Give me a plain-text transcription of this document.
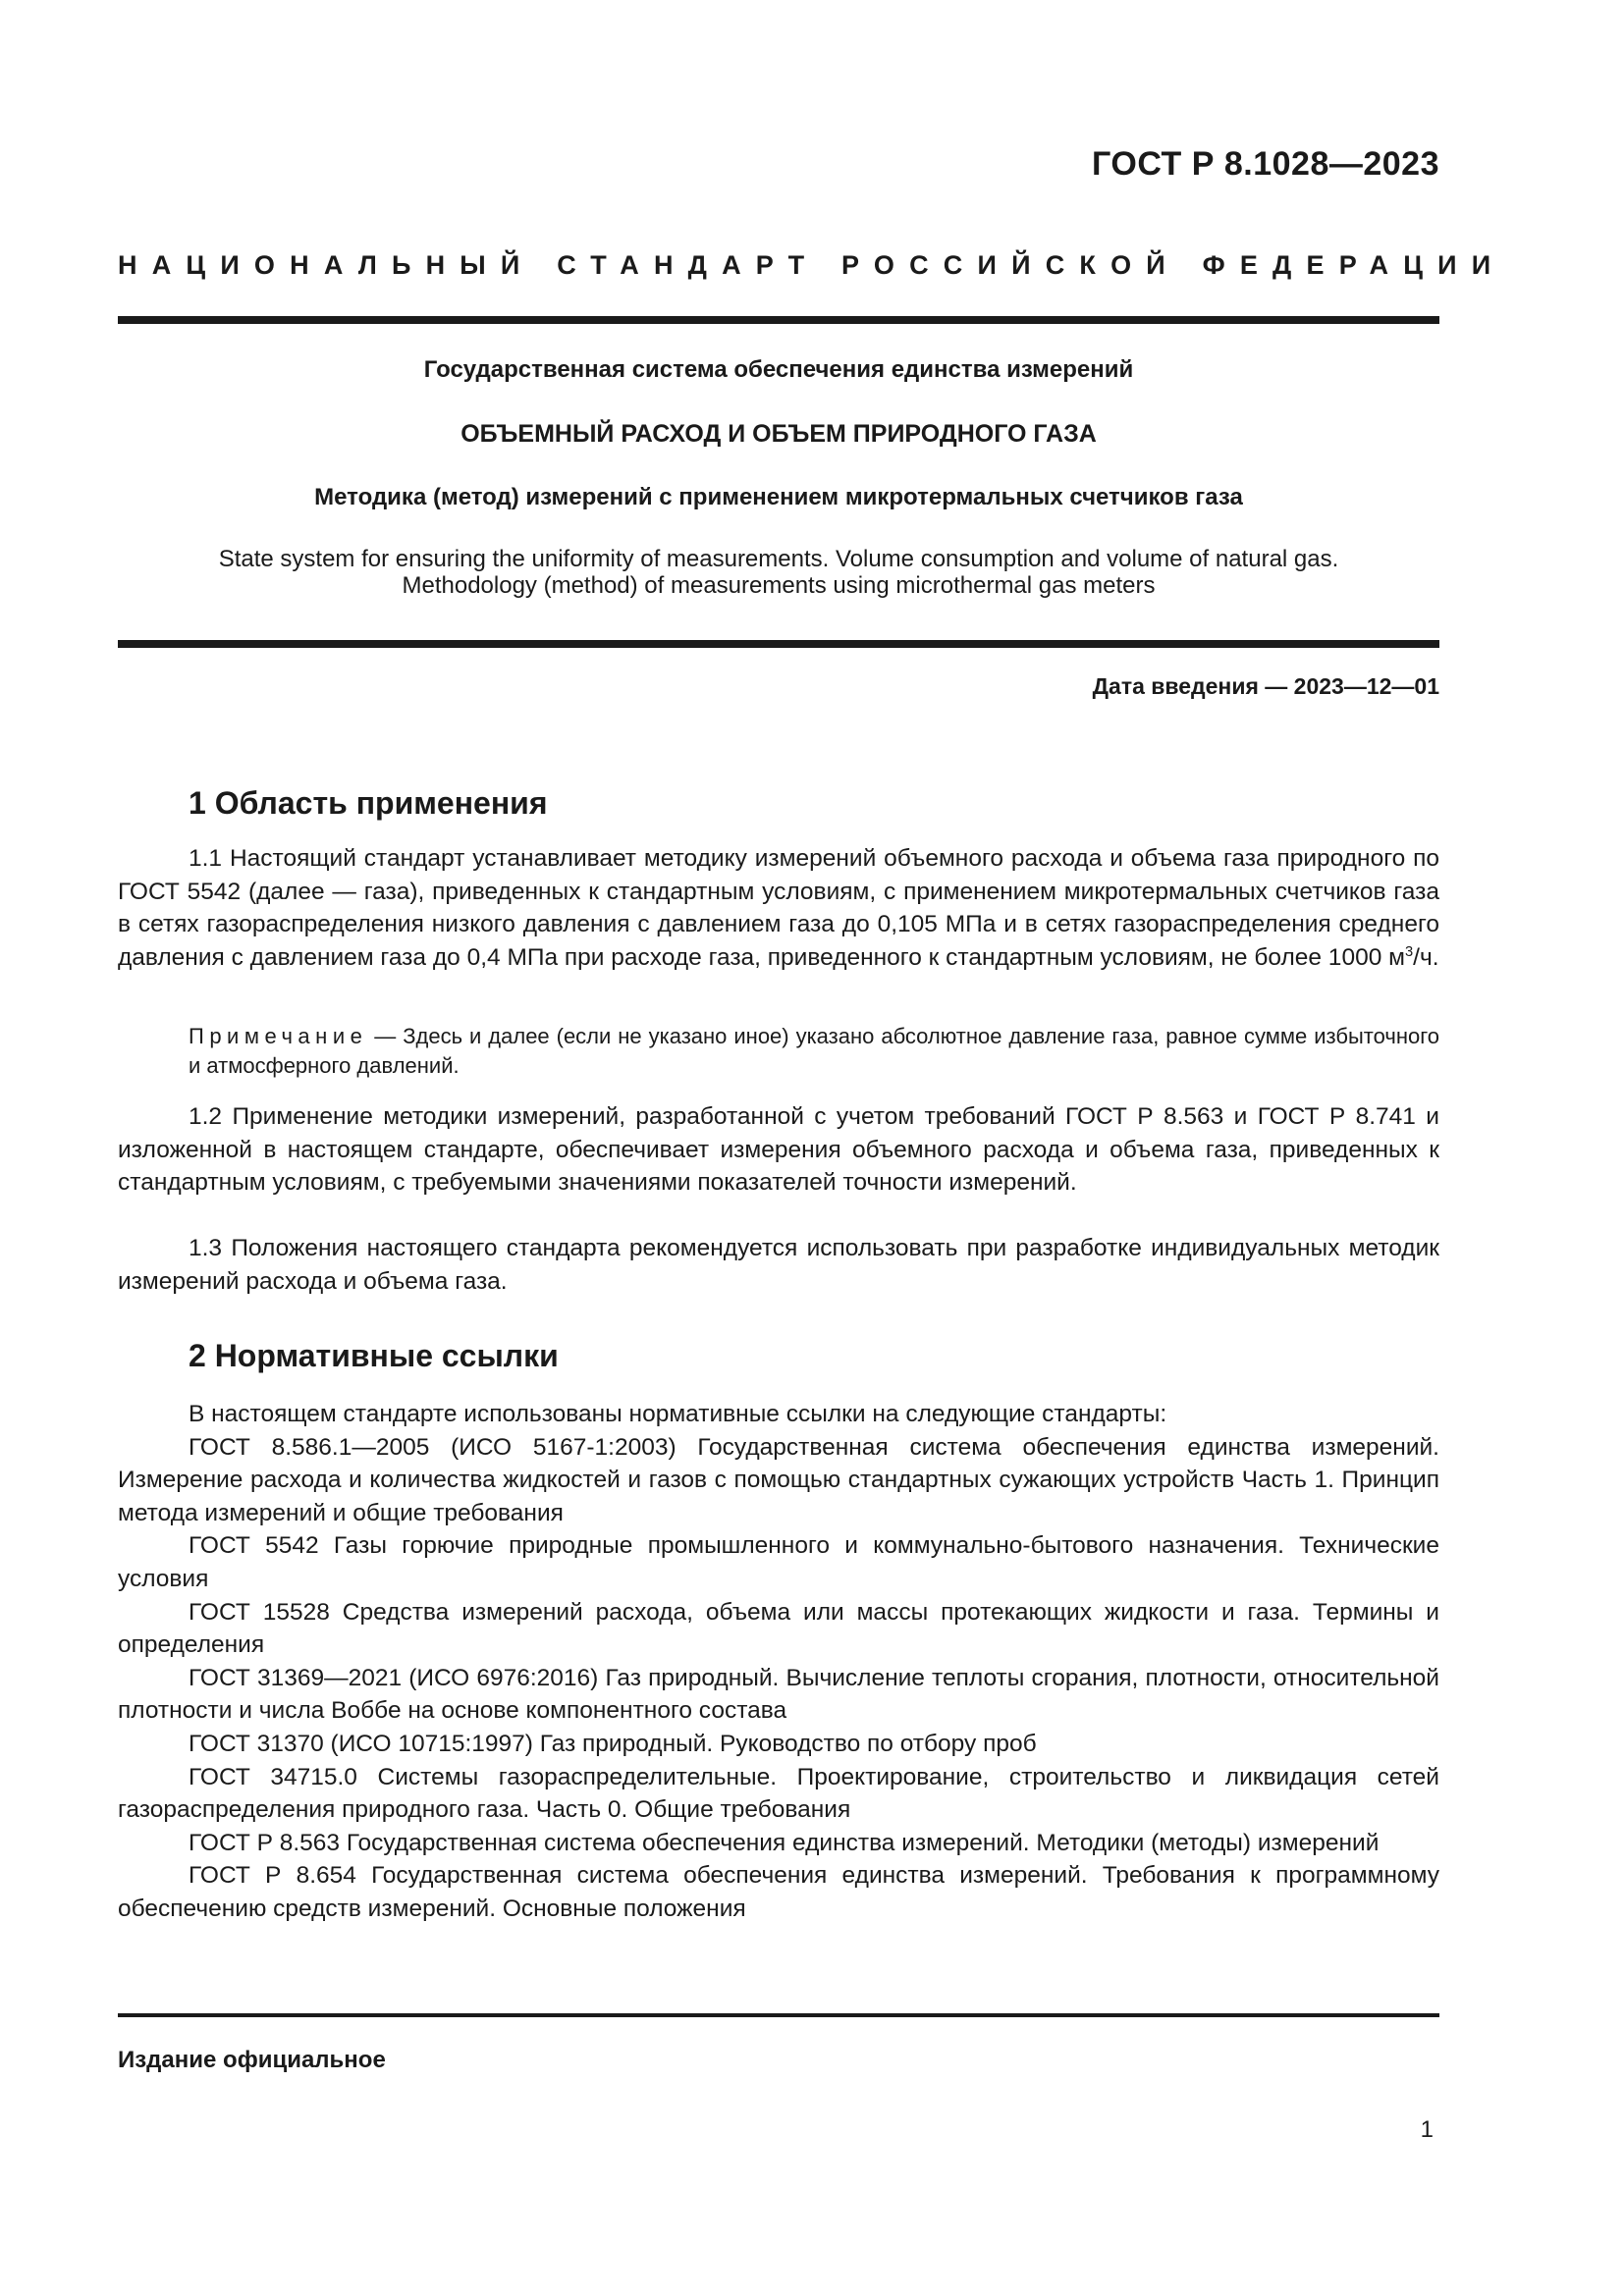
ГОСТ Р 8.1028—2023
НАЦИОНАЛЬНЫЙ СТАНДАРТ РОССИЙСКОЙ ФЕДЕРАЦИИ
Государственная система обеспечения единства измерений
ОБЪЕМНЫЙ РАСХОД И ОБЪЕМ ПРИРОДНОГО ГАЗА
Методика (метод) измерений с применением микротермальных счетчиков газа
State system for ensuring the uniformity of measurements. Volume consumption and volume of natural gas.
Methodology (method) of measurements using microthermal gas meters
Дата введения — 2023—12—01
1 Область применения
1.1 Настоящий стандарт устанавливает методику измерений объемного расхода и объема газа природного по ГОСТ 5542 (далее — газа), приведенных к стандартным условиям, с применением микротермальных счетчиков газа в сетях газораспределения низкого давления с давлением газа до 0,105 МПа и в сетях газораспределения среднего давления с давлением газа до 0,4 МПа при расходе газа, приведенного к стандартным условиям, не более 1000 $м^3/ч$.
Примечание — Здесь и далее (если не указано иное) указано абсолютное давление газа, равное сумме избыточного и атмосферного давлений.
1.2 Применение методики измерений, разработанной с учетом требований ГОСТ Р 8.563 и ГОСТ Р 8.741 и изложенной в настоящем стандарте, обеспечивает измерения объемного расхода и объема газа, приведенных к стандартным условиям, с требуемыми значениями показателей точности измерений.
1.3 Положения настоящего стандарта рекомендуется использовать при разработке индивидуальных методик измерений расхода и объема газа.
2 Нормативные ссылки

В настоящем стандарте использованы нормативные ссылки на следующие стандарты:

ГОСТ 8.586.1—2005 (ИСО 5167-1:2003) Государственная система обеспечения единства измерений. Измерение расхода и количества жидкостей и газов с помощью стандартных сужающих устройств Часть 1. Принцип метода измерений и общие требования

ГОСТ 5542 Газы горючие природные промышленного и коммунально-бытового назначения. Технические условия

ГОСТ 15528 Средства измерений расхода, объема или массы протекающих жидкости и газа. Термины и определения

ГОСТ 31369—2021 (ИСО 6976:2016) Газ природный. Вычисление теплоты сгорания, плотности, относительной плотности и числа Воббе на основе компонентного состава

ГОСТ 31370 (ИСО 10715:1997) Газ природный. Руководство по отбору проб

ГОСТ 34715.0 Системы газораспределительные. Проектирование, строительство и ликвидация сетей газораспределения природного газа. Часть 0. Общие требования

ГОСТ Р 8.563 Государственная система обеспечения единства измерений. Методики (методы) измерений

ГОСТ Р 8.654 Государственная система обеспечения единства измерений. Требования к программному обеспечению средств измерений. Основные положения

Издание официальное
1
